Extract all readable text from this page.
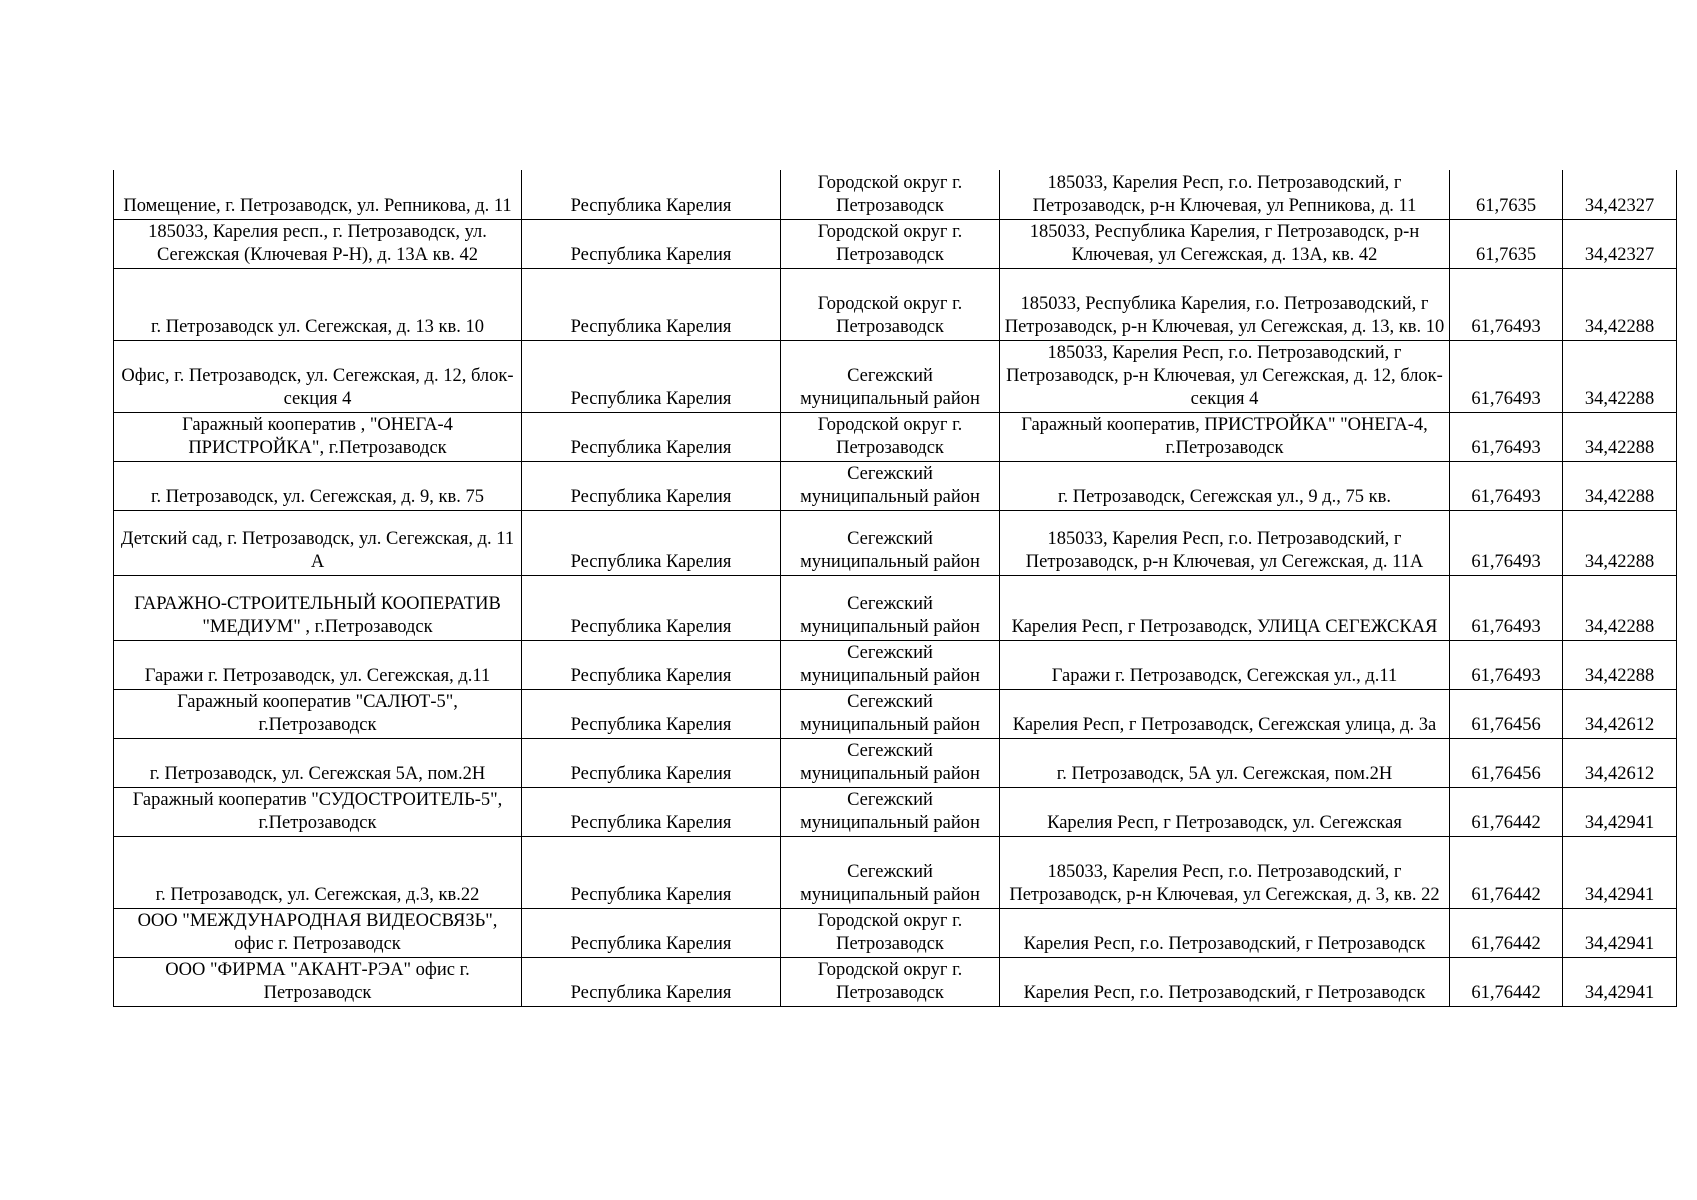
Помещение, г. Петрозаводск, ул. Репникова, д. 11	Республика Карелия	Городской округ г. Петрозаводск	185033, Карелия Респ, г.о. Петрозаводский, г Петрозаводск, р-н Ключевая, ул Репникова, д. 11	61,7635	34,42327
185033, Карелия респ., г. Петрозаводск, ул. Сегежская (Ключевая Р-Н), д. 13А кв. 42	Республика Карелия	Городской округ г. Петрозаводск	185033, Республика Карелия, г Петрозаводск, р-н Ключевая, ул Сегежская, д. 13А, кв. 42	61,7635	34,42327
г. Петрозаводск ул. Сегежская, д. 13 кв. 10	Республика Карелия	Городской округ г. Петрозаводск	185033, Республика Карелия, г.о. Петрозаводский, г Петрозаводск, р-н Ключевая, ул Сегежская, д. 13, кв. 10	61,76493	34,42288
Офис, г. Петрозаводск, ул. Сегежская, д. 12, блок-секция 4	Республика Карелия	Сегежский муниципальный район	185033, Карелия Респ, г.о. Петрозаводский, г Петрозаводск, р-н Ключевая, ул Сегежская, д. 12, блок-секция 4	61,76493	34,42288
Гаражный кооператив , "ОНЕГА-4 ПРИСТРОЙКА", г.Петрозаводск	Республика Карелия	Городской округ г. Петрозаводск	Гаражный кооператив, ПРИСТРОЙКА" "ОНЕГА-4, г.Петрозаводск	61,76493	34,42288
г. Петрозаводск, ул. Сегежская, д. 9, кв. 75	Республика Карелия	Сегежский муниципальный район	г. Петрозаводск, Сегежская ул., 9 д., 75 кв.	61,76493	34,42288
Детский сад, г. Петрозаводск, ул. Сегежская, д. 11 А	Республика Карелия	Сегежский муниципальный район	185033, Карелия Респ, г.о. Петрозаводский, г Петрозаводск, р-н Ключевая, ул Сегежская, д. 11А	61,76493	34,42288
ГАРАЖНО-СТРОИТЕЛЬНЫЙ КООПЕРАТИВ "МЕДИУМ" , г.Петрозаводск	Республика Карелия	Сегежский муниципальный район	Карелия Респ, г Петрозаводск, УЛИЦА СЕГЕЖСКАЯ	61,76493	34,42288
Гаражи г. Петрозаводск, ул. Сегежская, д.11	Республика Карелия	Сегежский муниципальный район	Гаражи г. Петрозаводск, Сегежская ул., д.11	61,76493	34,42288
Гаражный кооператив "САЛЮТ-5", г.Петрозаводск	Республика Карелия	Сегежский муниципальный район	Карелия Респ, г Петрозаводск, Сегежская улица, д. 3а	61,76456	34,42612
г. Петрозаводск, ул. Сегежская 5А, пом.2Н	Республика Карелия	Сегежский муниципальный район	г. Петрозаводск, 5А ул. Сегежская, пом.2Н	61,76456	34,42612
Гаражный кооператив "СУДОСТРОИТЕЛЬ-5", г.Петрозаводск	Республика Карелия	Сегежский муниципальный район	Карелия Респ, г Петрозаводск, ул. Сегежская	61,76442	34,42941
г. Петрозаводск, ул. Сегежская, д.3, кв.22	Республика Карелия	Сегежский муниципальный район	185033, Карелия Респ, г.о. Петрозаводский, г Петрозаводск, р-н Ключевая, ул Сегежская, д. 3, кв. 22	61,76442	34,42941
ООО "МЕЖДУНАРОДНАЯ ВИДЕОСВЯЗЬ", офис г. Петрозаводск	Республика Карелия	Городской округ г. Петрозаводск	Карелия Респ, г.о. Петрозаводский, г Петрозаводск	61,76442	34,42941
ООО "ФИРМА "АКАНТ-РЭА" офис г. Петрозаводск	Республика Карелия	Городской округ г. Петрозаводск	Карелия Респ, г.о. Петрозаводский, г Петрозаводск	61,76442	34,42941
